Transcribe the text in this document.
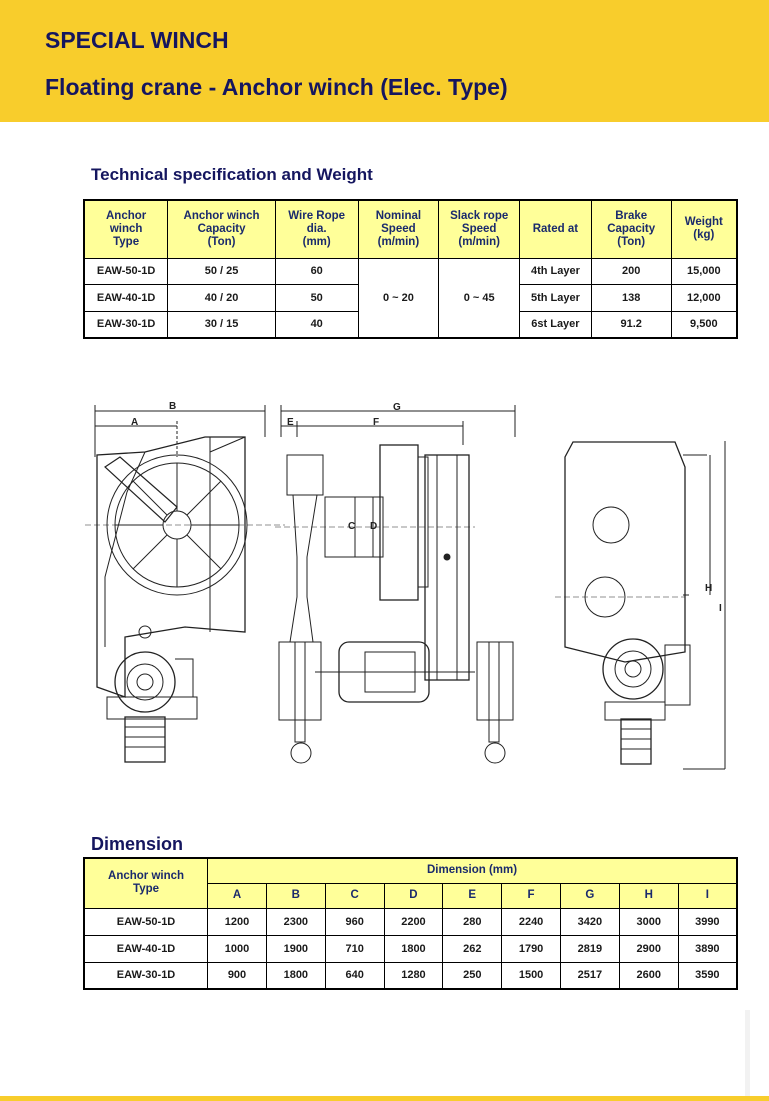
SPECIAL WINCH
Floating crane - Anchor winch (Elec. Type)
Technical specification and Weight
Anchor
winch
Type	Anchor winch
Capacity
(Ton)	Wire Rope
dia.
(mm)	Nominal
Speed
(m/min)	Slack rope
Speed
(m/min)	Rated at	Brake
Capacity
(Ton)	Weight
(kg)
EAW-50-1D	50 / 25	60	0 ~ 20	0 ~ 45	4th Layer	200	15,000
EAW-40-1D	40 / 20	50			5th Layer	138	12,000
EAW-30-1D	30 / 15	40			6st Layer	91.2	9,500
A
B	G
E	F
C D
H
I
Dimension
Anchor winch
Type	Dimension (mm)								
	A	B	C	D	E	F	G	H	I
EAW-50-1D	1200	2300	960	2200	280	2240	3420	3000	3990
EAW-40-1D	1000	1900	710	1800	262	1790	2819	2900	3890
EAW-30-1D	900	1800	640	1280	250	1500	2517	2600	3590
